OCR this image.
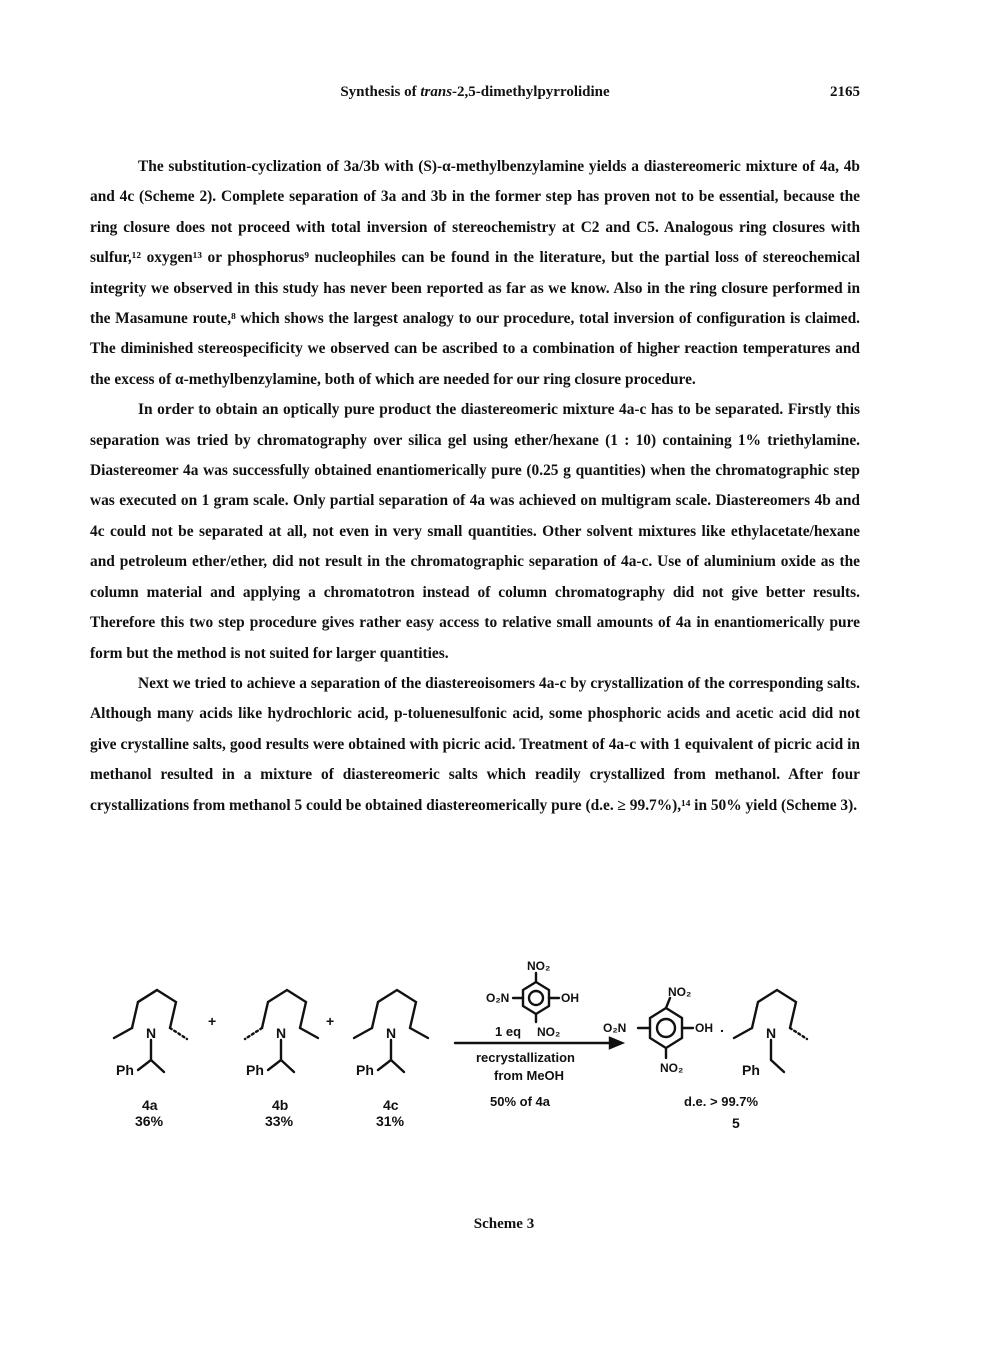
Synthesis of trans-2,5-dimethylpyrrolidine	2165

The substitution-cyclization of 3a/3b with (S)-α-methylbenzylamine yields a diastereomeric mixture of 4a, 4b and 4c (Scheme 2). Complete separation of 3a and 3b in the former step has proven not to be essential, because the ring closure does not proceed with total inversion of stereochemistry at C2 and C5. Analogous ring closures with sulfur,¹² oxygen¹³ or phosphorus⁹ nucleophiles can be found in the literature, but the partial loss of stereochemical integrity we observed in this study has never been reported as far as we know. Also in the ring closure performed in the Masamune route,⁸ which shows the largest analogy to our procedure, total inversion of configuration is claimed. The diminished stereospecificity we observed can be ascribed to a combination of higher reaction temperatures and the excess of α-methylbenzylamine, both of which are needed for our ring closure procedure.

In order to obtain an optically pure product the diastereomeric mixture 4a-c has to be separated. Firstly this separation was tried by chromatography over silica gel using ether/hexane (1 : 10) containing 1% triethylamine. Diastereomer 4a was successfully obtained enantiomerically pure (0.25 g quantities) when the chromatographic step was executed on 1 gram scale. Only partial separation of 4a was achieved on multigram scale. Diastereomers 4b and 4c could not be separated at all, not even in very small quantities. Other solvent mixtures like ethylacetate/hexane and petroleum ether/ether, did not result in the chromatographic separation of 4a-c. Use of aluminium oxide as the column material and applying a chromatotron instead of column chromatography did not give better results. Therefore this two step procedure gives rather easy access to relative small amounts of 4a in enantiomerically pure form but the method is not suited for larger quantities.

Next we tried to achieve a separation of the diastereoisomers 4a-c by crystallization of the corresponding salts. Although many acids like hydrochloric acid, p-toluenesulfonic acid, some phosphoric acids and acetic acid did not give crystalline salts, good results were obtained with picric acid. Treatment of 4a-c with 1 equivalent of picric acid in methanol resulted in a mixture of diastereomeric salts which readily crystallized from methanol. After four crystallizations from methanol 5 could be obtained diastereomerically pure (d.e. ≥ 99.7%),¹⁴ in 50% yield (Scheme 3).

N
Ph
4a
36%
+
N
Ph
4b
33%
+
N
Ph
4c
31%
NO₂
O₂N	OH
1 eq NO₂
recrystallization
from MeOH
50% of 4a
NO₂
O₂N	OH .
NO₂
N
Ph
d.e. > 99.7%
5
Scheme 3
